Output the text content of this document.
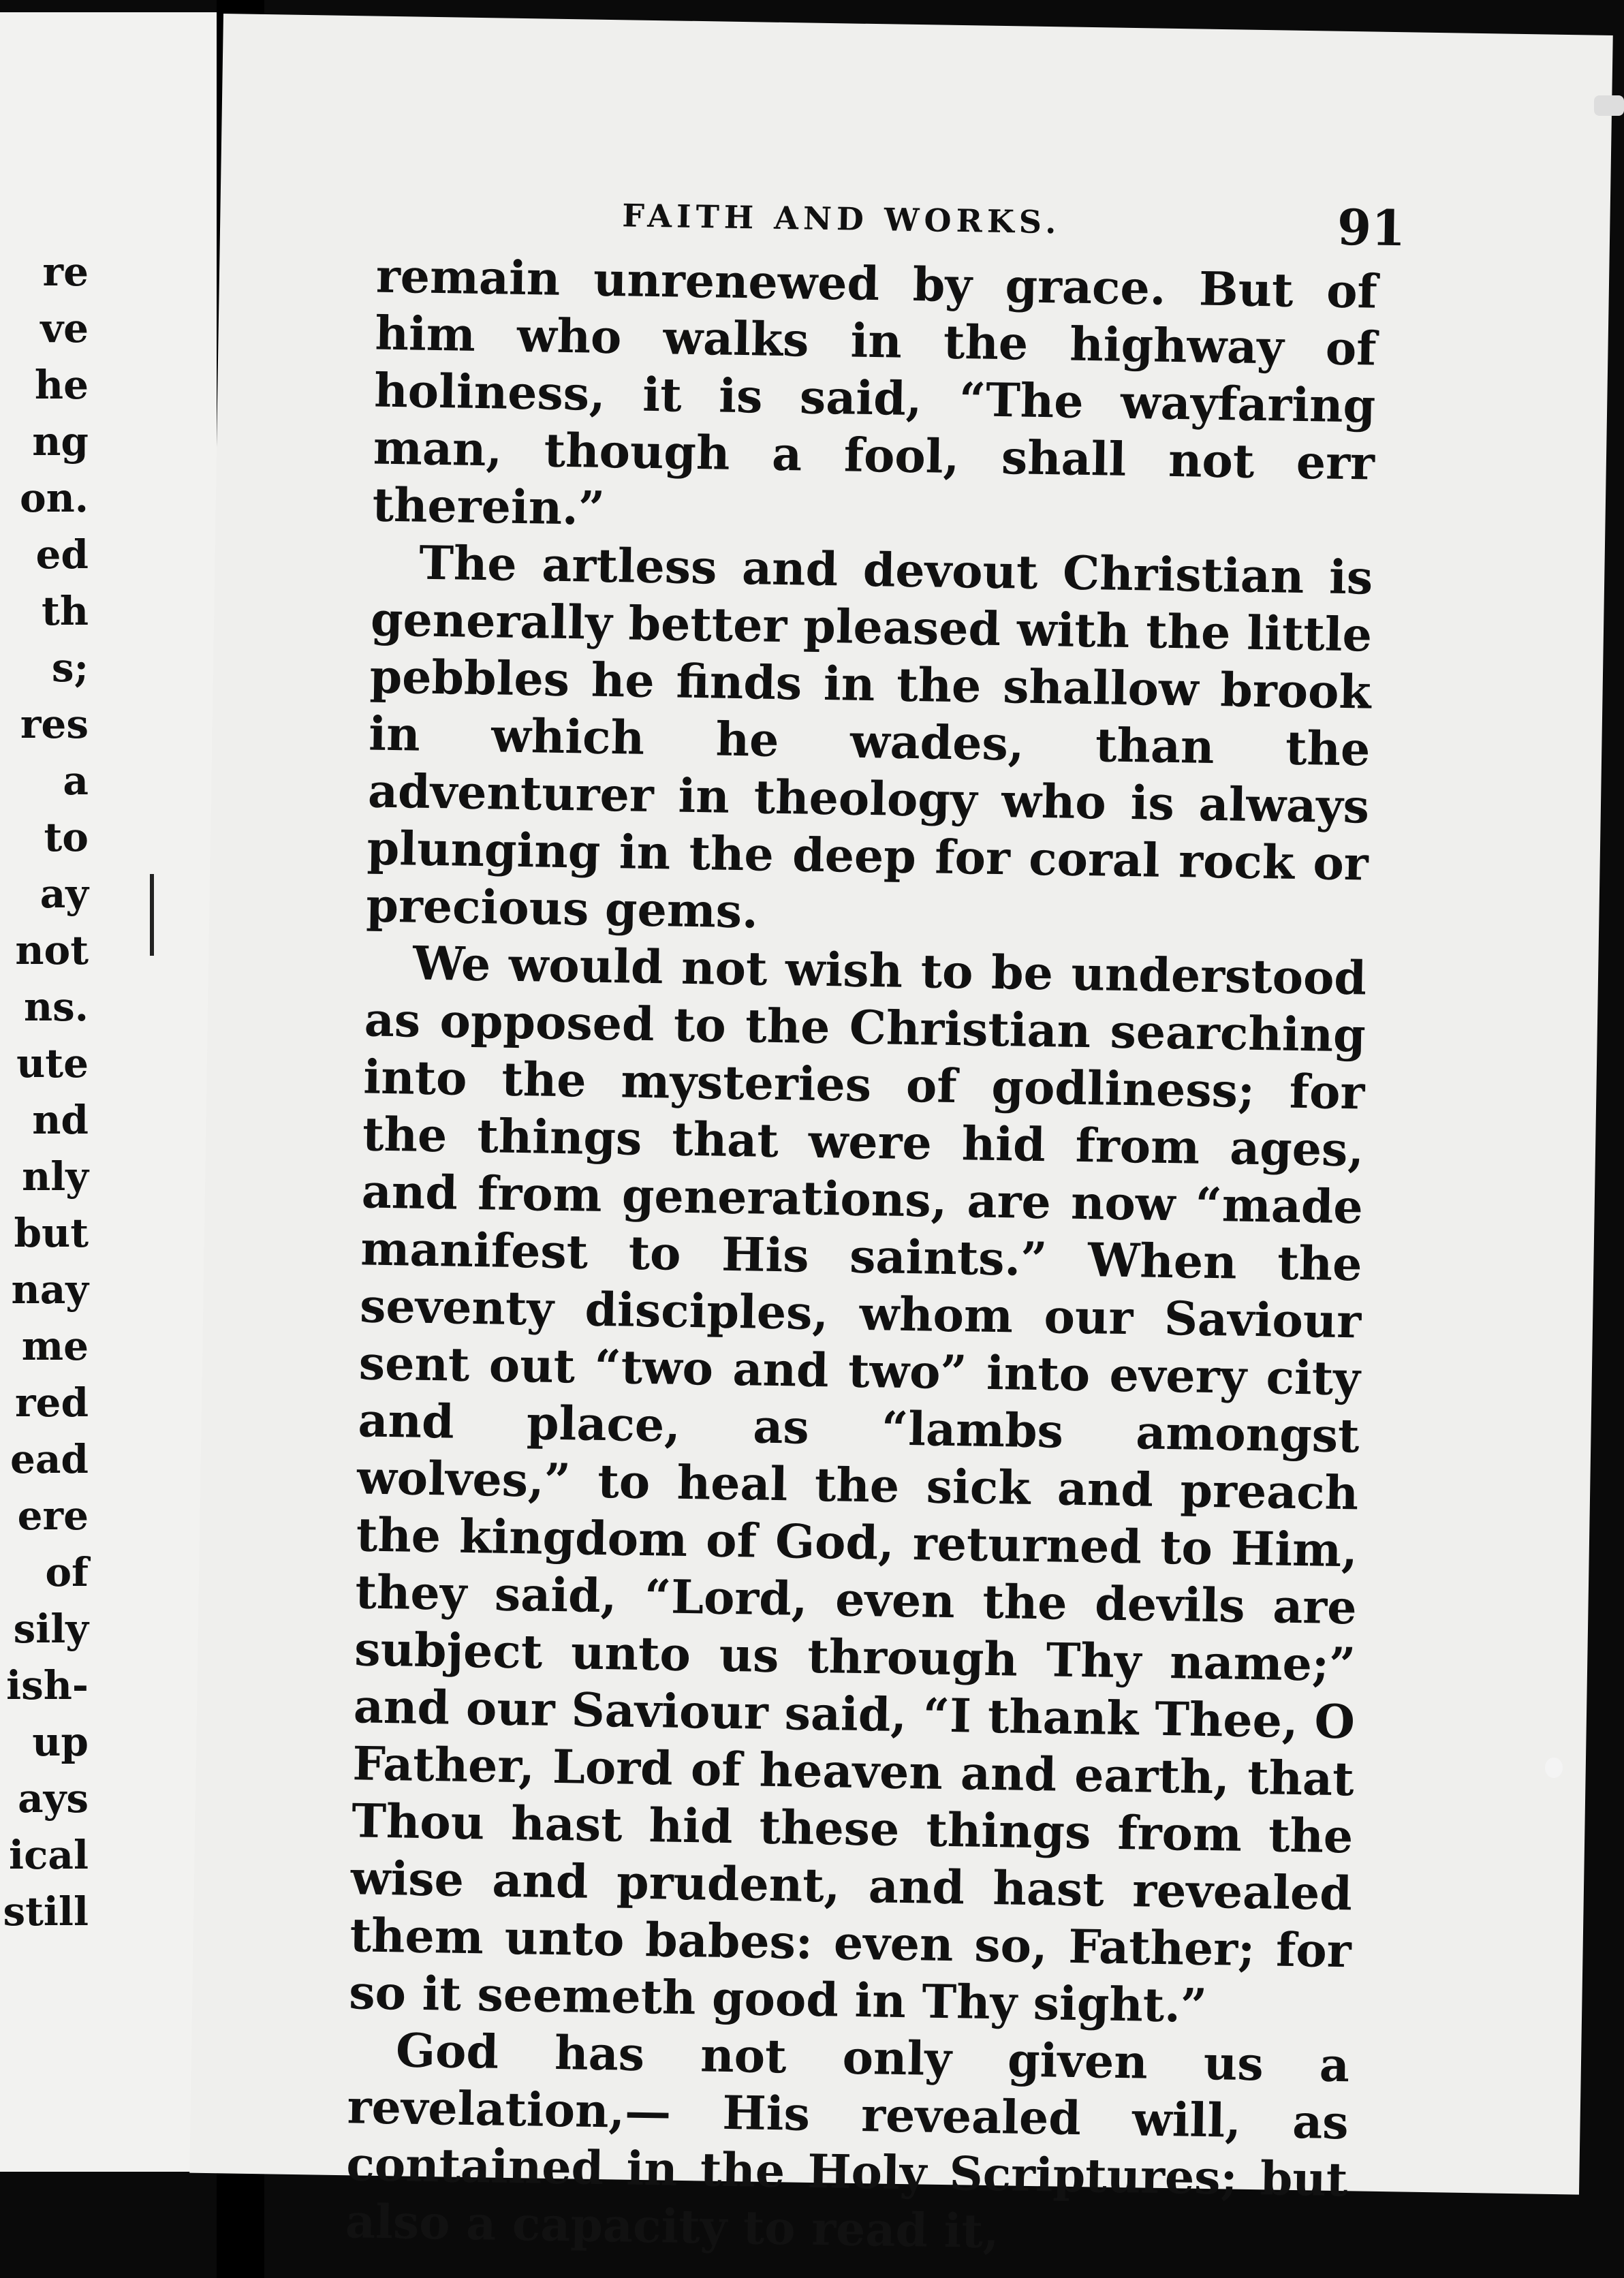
re
ve
he
ng
on.
ed
th
s;
res
a
to
ay
not
ns.
ute
nd
nly
but
nay
me
red
ead
ere
of
sily
ish-
up
ays
ical
still
FAITH AND WORKS.	91

remain unrenewed by grace. But of him who walks in the highway of holiness, it is said, “The wayfaring man, though a fool, shall not err therein.”

The artless and devout Christian is generally better pleased with the little pebbles he finds in the shallow brook in which he wades, than the adventurer in theology who is always plunging in the deep for coral rock or precious gems.

We would not wish to be understood as opposed to the Christian searching into the mysteries of godliness; for the things that were hid from ages, and from generations, are now “made manifest to His saints.” When the seventy disciples, whom our Saviour sent out “two and two” into every city and place, as “lambs amongst wolves,” to heal the sick and preach the kingdom of God, returned to Him, they said, “Lord, even the devils are subject unto us through Thy name;” and our Saviour said, “I thank Thee, O Father, Lord of heaven and earth, that Thou hast hid these things from the wise and prudent, and hast revealed them unto babes: even so, Father; for so it seemeth good in Thy sight.”

God has not only given us a revelation,— His revealed will, as contained in the Holy Scriptures; but also a capacity to read it,
